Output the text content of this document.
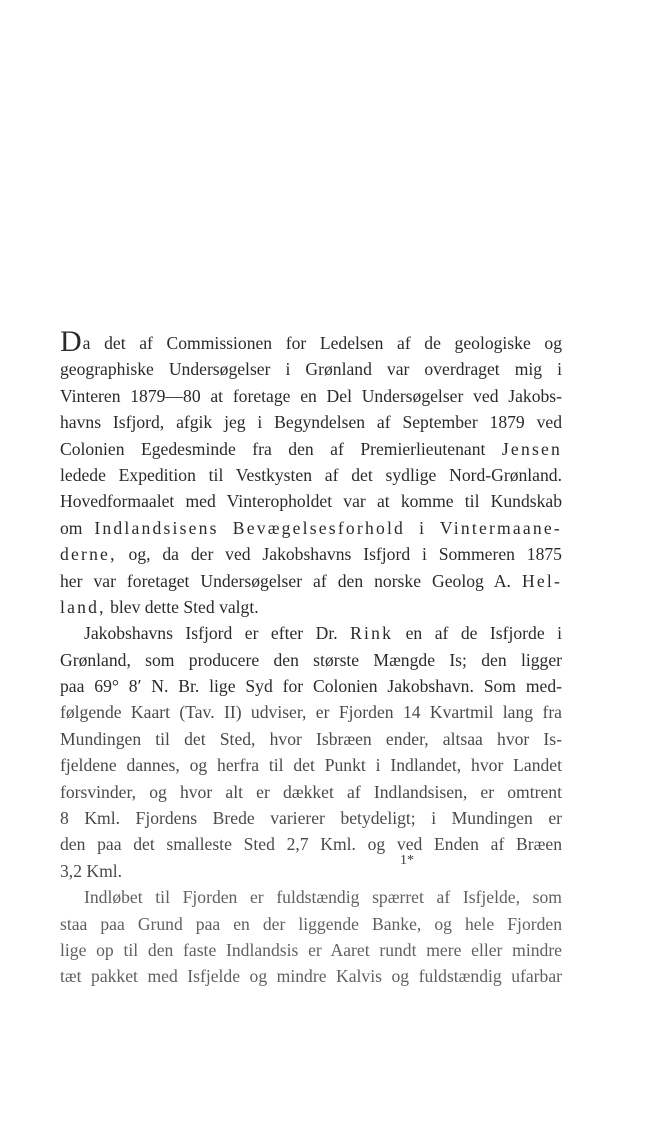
Da det af Commissionen for Ledelsen af de geologiske og
geographiske Undersøgelser i Grønland var overdraget mig i
Vinteren 1879—80 at foretage en Del Undersøgelser ved Jakobs-
havns Isfjord, afgik jeg i Begyndelsen af September 1879 ved
Colonien Egedesminde fra den af Premierlieutenant Jensen
ledede Expedition til Vestkysten af det sydlige Nord-Grønland.
Hovedformaalet med Vinteropholdet var at komme til Kundskab
om Indlandsisens Bevægelsesforhold i Vintermaane-
derne, og, da der ved Jakobshavns Isfjord i Sommeren 1875
her var foretaget Undersøgelser af den norske Geolog A. Hel-
land, blev dette Sted valgt.
Jakobshavns Isfjord er efter Dr. Rink en af de Isfjorde i
Grønland, som producere den største Mængde Is; den ligger
paa 69° 8′ N. Br. lige Syd for Colonien Jakobshavn. Som med-
følgende Kaart (Tav. II) udviser, er Fjorden 14 Kvartmil lang fra
Mundingen til det Sted, hvor Isbræen ender, altsaa hvor Is-
fjeldene dannes, og herfra til det Punkt i Indlandet, hvor Landet
forsvinder, og hvor alt er dækket af Indlandsisen, er omtrent
8 Kml. Fjordens Brede varierer betydeligt; i Mundingen er
den paa det smalleste Sted 2,7 Kml. og ved Enden af Bræen
3,2 Kml.
Indløbet til Fjorden er fuldstændig spærret af Isfjelde, som
staa paa Grund paa en der liggende Banke, og hele Fjorden
lige op til den faste Indlandsis er Aaret rundt mere eller mindre
tæt pakket med Isfjelde og mindre Kalvis og fuldstændig ufarbar
1*
